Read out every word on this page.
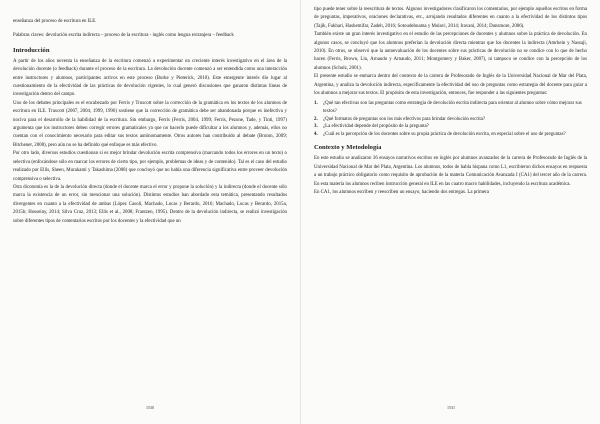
enseñanza del proceso de escritura en ILE.

Palabras claves: devolución escrita indirecta – proceso de la escritura - inglés como lengua extranjera – feedback

Introducción

A partir de los años noventa la enseñanza de la escritura comenzó a experimentar un creciente interés investigativo en el área de la devolución docente (o feedback) durante el proceso de la escritura. La devolución docente comenzó a ser entendida como una interacción entre instructores y alumnos, participantes activos en este proceso (Burke y Pieterick, 2010). Este emergente interés dio lugar al cuestionamiento de la efectividad de las prácticas de devolución vigentes, lo cual generó discusiones que ganaron distintas líneas de investigación dentro del campo.

Uno de los debates principales es el encabezado por Ferris y Truscott sobre la corrección de la gramática en los textos de los alumnos de escritura en ILE. Truscott (2007, 2004, 1999, 1996) sostiene que la corrección de gramática debe ser abandonada porque es inefectiva y nociva para el desarrollo de la habilidad de la escritura. Sin embargo, Ferris (Ferris, 2004, 1999; Ferris, Pezone, Tade, y Tinti, 1997) argumenta que los instructores deben corregir errores gramaticales ya que no hacerlo puede dificultar a los alumnos y, además, ellos no cuentan con el conocimiento necesario para editar sus textos autónomamente. Otros autores han contribuido al debate (Bruton, 2009; Bitchener, 2008), pero aún no se ha definido qué enfoque es más efectivo.

Por otro lado, diversos estudios cuestionan si es mejor brindar devolución escrita comprensiva (marcando todos los errores en un texto) o selectiva (enfocándose sólo en marcar los errores de cierto tipo, por ejemplo, problemas de ideas y de contenido). Tal es el caso del estudio realizado por Ellis, Sheen, Murakami y Takashima (2008) que concluyó que no había una diferencia significativa entre proveer devolución comprensiva o selectiva.

Otra dicotomía es la de la devolución directa (donde el docente marca el error y propone la solución) y la indirecta (donde el docente sólo marca la existencia de un error, sin mencionar una solución). Distintos estudios han abordado esta temática, presentando resultados divergentes en cuanto a la efectividad de ambas (López Casoli, Machado, Lucas y Berardo, 2016; Machado, Lucas y Berardo, 2015a, 2015b; Hosseiny, 2014; Silva Cruz, 2013; Ellis et al., 2008; Frantzen, 1995). Dentro de la devolución indirecta, se realizó investigación sobre diferentes tipos de comentarios escritos por los docentes y la efectividad que un

1530

tipo puede tener sobre la reescritura de textos. Algunos investigadores clasificaron los comentarios, por ejemplo aquellos escritos en forma de preguntas, imperativos, oraciones declarativas, etc., arrojando resultados diferentes en cuanto a la efectividad de los distintos tipos (Tajik, Fakhari, Hashemifar, Zadeh, 2016; Sotoudehnama y Molavi, 2014; Iravani, 2014; Dunsmore, 2006).

También existe un gran interés investigativo en el estudio de las percepciones de docentes y alumnos sobre la práctica de devolución. En algunos casos, se concluyó que los alumnos preferían la devolución directa mientras que los docentes la indirecta (Amrhein y Nassaji, 2010). En otros, se observó que la autoevaluación de los docentes sobre sus prácticas de devolución no se condice con lo que de hecho hacen (Ferris, Brown, Liu, Arnaudo y Arnaudo, 2011; Montgomery y Baker, 2007), ni tampoco se condice con la percepción de los alumnos (Schulz, 2001).

El presente estudio se enmarca dentro del contexto de la carrera de Profesorado de Inglés de la Universidad Nacional de Mar del Plata, Argentina, y analiza la devolución indirecta, específicamente la efectividad del uso de preguntas como estrategia del docente para guiar a los alumnos a mejorar sus textos. El propósito de esta investigación, entonces, fue responder a las siguientes preguntas:

1.	¿Qué tan efectivas son las preguntas como estrategia de devolución escrita indirecta para orientar al alumno sobre cómo mejorar sus textos?
2.	¿Qué formatos de preguntas son los más efectivos para brindar devolución escrita?
3.	¿La efectividad depende del propósito de la pregunta?
4.	¿Cuál es la percepción de los docentes sobre su propia práctica de devolución escrita, en especial sobre el uso de preguntas?
Contexto y Metodología

En este estudio se analizaron 36 ensayos narrativos escritos en inglés por alumnos avanzados de la carrera de Profesorado de Inglés de la Universidad Nacional de Mar del Plata, Argentina. Los alumnos, todos de habla hispana como L1, escribieron dichos ensayos en respuesta a un trabajo práctico obligatorio como requisito de aprobación de la materia Comunicación Avanzada I (CA1) del tercer año de la carrera. En esta materia los alumnos reciben instrucción general en ILE en las cuatro macro habilidades, incluyendo la escritura académica.

En CA1, los alumnos escriben y reescriben un ensayo, haciendo dos entregas. La primera

1531
